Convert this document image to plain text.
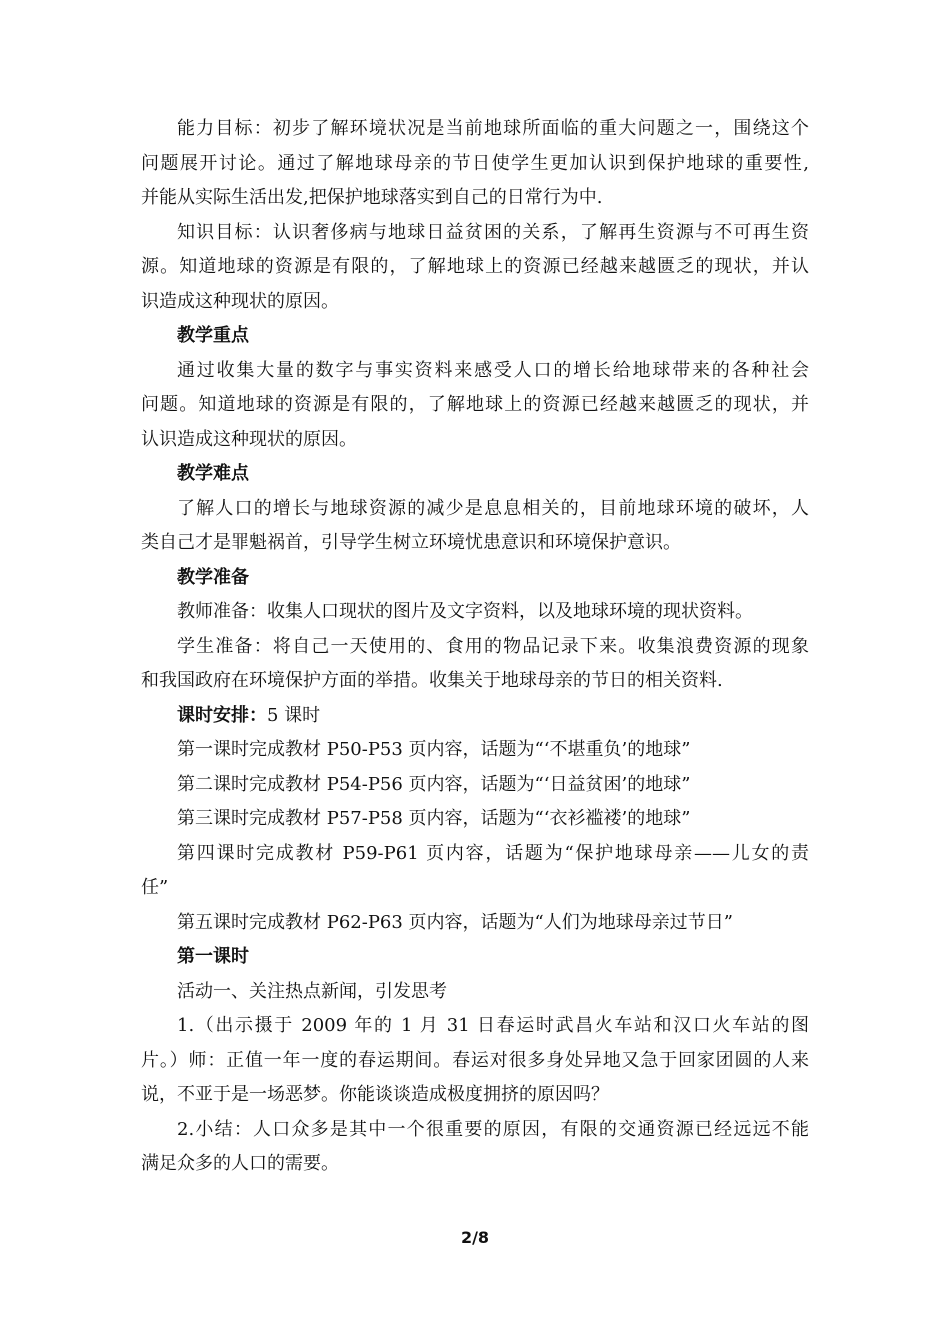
能力目标：初步了解环境状况是当前地球所面临的重大问题之一，围绕这个
问题展开讨论。通过了解地球母亲的节日使学生更加认识到保护地球的重要性,
并能从实际生活出发,把保护地球落实到自己的日常行为中.
知识目标：认识奢侈病与地球日益贫困的关系，了解再生资源与不可再生资
源。知道地球的资源是有限的，了解地球上的资源已经越来越匮乏的现状，并认
识造成这种现状的原因。
教学重点
通过收集大量的数字与事实资料来感受人口的增长给地球带来的各种社会
问题。知道地球的资源是有限的，了解地球上的资源已经越来越匮乏的现状，并
认识造成这种现状的原因。
教学难点
了解人口的增长与地球资源的减少是息息相关的，目前地球环境的破坏，人
类自己才是罪魁祸首，引导学生树立环境忧患意识和环境保护意识。
教学准备
教师准备：收集人口现状的图片及文字资料，以及地球环境的现状资料。
学生准备：将自己一天使用的、食用的物品记录下来。收集浪费资源的现象
和我国政府在环境保护方面的举措。收集关于地球母亲的节日的相关资料.
课时安排：5 课时
第一课时完成教材 P50-P53 页内容，话题为“‘不堪重负’的地球”
第二课时完成教材 P54-P56 页内容，话题为“‘日益贫困’的地球”
第三课时完成教材 P57-P58 页内容，话题为“‘衣衫褴褛’的地球”
第四课时完成教材 P59-P61 页内容，话题为“保护地球母亲——儿女的责
任”
第五课时完成教材 P62-P63 页内容，话题为“人们为地球母亲过节日”
第一课时
活动一、关注热点新闻，引发思考
1.（出示摄于 2009 年的 1 月 31 日春运时武昌火车站和汉口火车站的图
片。）师：正值一年一度的春运期间。春运对很多身处异地又急于回家团圆的人来
说，不亚于是一场恶梦。你能谈谈造成极度拥挤的原因吗？
2.小结：人口众多是其中一个很重要的原因，有限的交通资源已经远远不能
满足众多的人口的需要。
2/8
